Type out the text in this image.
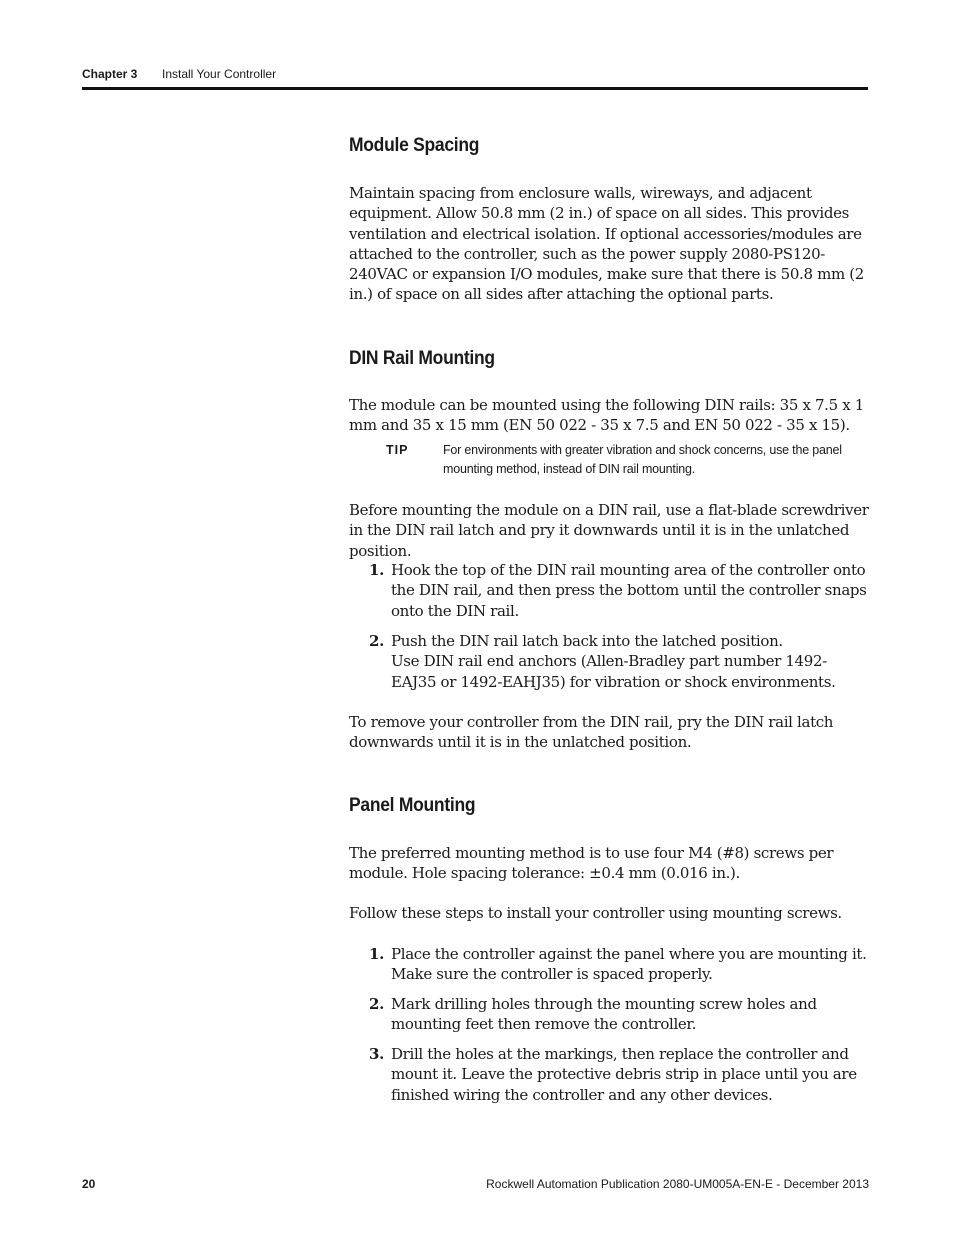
Chapter 3 Install Your Controller
Module Spacing

Maintain spacing from enclosure walls, wireways, and adjacent equipment. Allow 50.8 mm (2 in.) of space on all sides. This provides ventilation and electrical isolation. If optional accessories/modules are attached to the controller, such as the power supply 2080-PS120-240VAC or expansion I/O modules, make sure that there is 50.8 mm (2 in.) of space on all sides after attaching the optional parts.

DIN Rail Mounting

The module can be mounted using the following DIN rails: 35 x 7.5 x 1 mm and 35 x 15 mm (EN 50 022 - 35 x 7.5 and EN 50 022 - 35 x 15).

TIP	For environments with greater vibration and shock concerns, use the panel mounting method, instead of DIN rail mounting.

Before mounting the module on a DIN rail, use a flat-blade screwdriver in the DIN rail latch and pry it downwards until it is in the unlatched position.

1. Hook the top of the DIN rail mounting area of the controller onto the DIN rail, and then press the bottom until the controller snaps onto the DIN rail.
2. Push the DIN rail latch back into the latched position.
Use DIN rail end anchors (Allen-Bradley part number 1492-EAJ35 or 1492-EAHJ35) for vibration or shock environments.

To remove your controller from the DIN rail, pry the DIN rail latch downwards until it is in the unlatched position.

Panel Mounting

The preferred mounting method is to use four M4 (#8) screws per module. Hole spacing tolerance: ±0.4 mm (0.016 in.).

Follow these steps to install your controller using mounting screws.

1. Place the controller against the panel where you are mounting it. Make sure the controller is spaced properly.
2. Mark drilling holes through the mounting screw holes and mounting feet then remove the controller.
3. Drill the holes at the markings, then replace the controller and mount it. Leave the protective debris strip in place until you are finished wiring the controller and any other devices.
20	Rockwell Automation Publication 2080-UM005A-EN-E - December 2013
